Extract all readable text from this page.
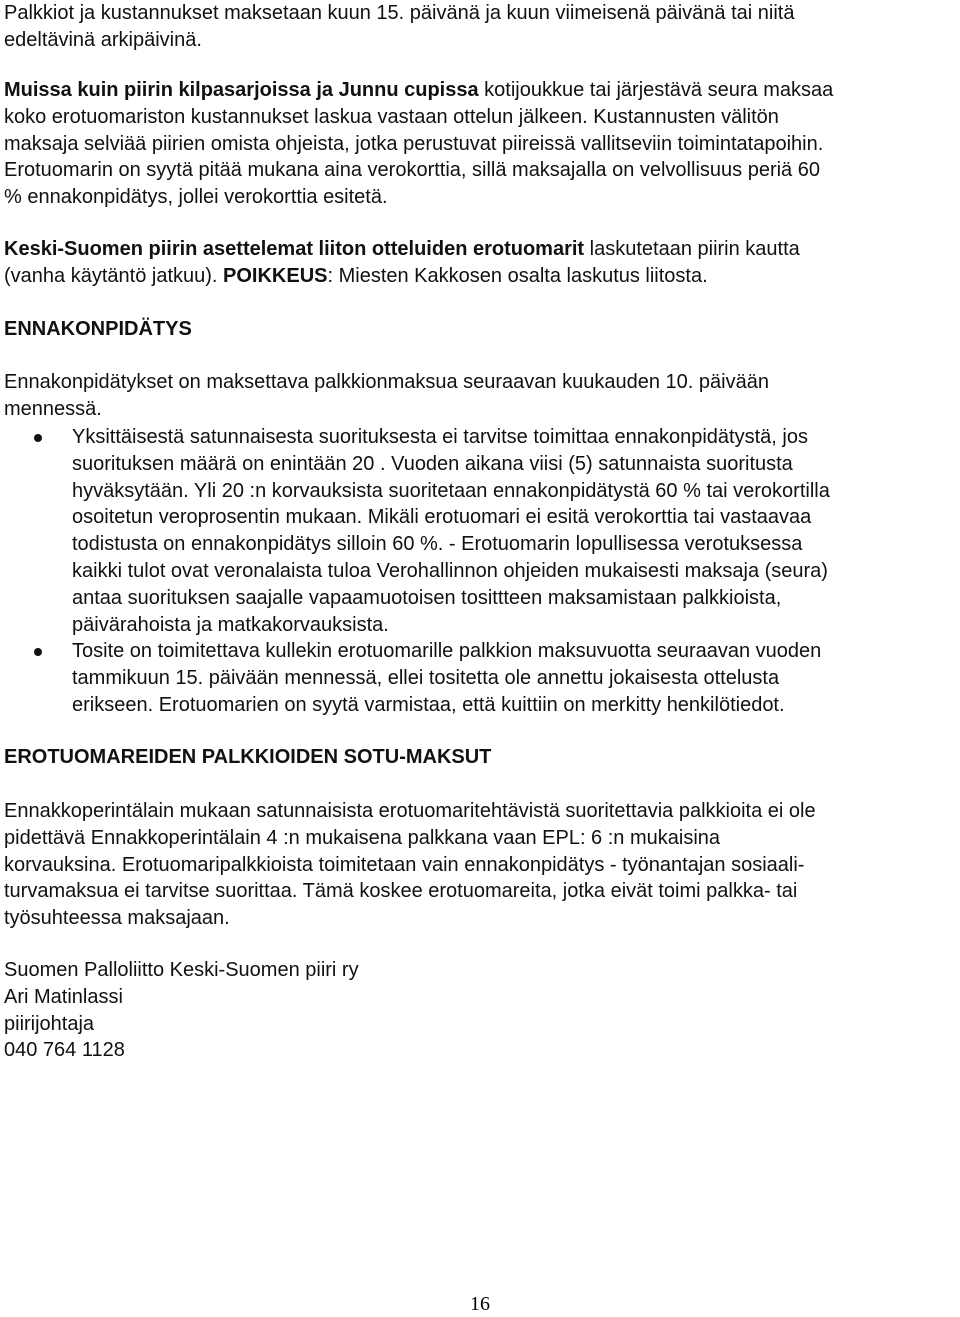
Palkkiot ja kustannukset maksetaan kuun 15. päivänä ja kuun viimeisenä päivänä tai niitä
edeltävinä arkipäivinä.
Muissa kuin piirin kilpasarjoissa ja Junnu cupissa kotijoukkue tai järjestävä seura maksaa
koko erotuomariston kustannukset laskua vastaan ottelun jälkeen. Kustannusten välitön
maksaja selviää piirien omista ohjeista, jotka perustuvat piireissä vallitseviin toimintatapoihin.
Erotuomarin on syytä pitää mukana aina verokorttia, sillä maksajalla on velvollisuus periä 60
% ennakonpidätys, jollei verokorttia esitetä.
Keski-Suomen piirin asettelemat liiton otteluiden erotuomarit laskutetaan piirin kautta
(vanha käytäntö jatkuu). POIKKEUS: Miesten Kakkosen osalta laskutus liitosta.
ENNAKONPIDÄTYS
Ennakonpidätykset on maksettava palkkionmaksua seuraavan kuukauden 10. päivään
mennessä.
Yksittäisestä satunnaisesta suorituksesta ei tarvitse toimittaa ennakonpidätystä, jos
suorituksen määrä on enintään 20 . Vuoden aikana viisi (5) satunnaista suoritusta
hyväksytään. Yli 20 :n korvauksista suoritetaan ennakonpidätystä 60 % tai verokortilla
osoitetun veroprosentin mukaan. Mikäli erotuomari ei esitä verokorttia tai vastaavaa
todistusta on ennakonpidätys silloin 60 %. - Erotuomarin lopullisessa verotuksessa
kaikki tulot ovat veronalaista tuloa Verohallinnon ohjeiden mukaisesti maksaja (seura)
antaa suorituksen saajalle vapaamuotoisen tosittteen maksamistaan palkkioista,
päivärahoista ja matkakorvauksista.
Tosite on toimitettava kullekin erotuomarille palkkion maksuvuotta seuraavan vuoden
tammikuun 15. päivään mennessä, ellei tositetta ole annettu jokaisesta ottelusta
erikseen. Erotuomarien on syytä varmistaa, että kuittiin on merkitty henkilötiedot.
EROTUOMAREIDEN PALKKIOIDEN SOTU-MAKSUT
Ennakkoperintälain mukaan satunnaisista erotuomaritehtävistä suoritettavia palkkioita ei ole
pidettävä Ennakkoperintälain 4 :n mukaisena palkkana vaan EPL: 6 :n mukaisina
korvauksina. Erotuomaripalkkioista toimitetaan vain ennakonpidätys - työnantajan sosiaali-
turvamaksua ei tarvitse suorittaa. Tämä koskee erotuomareita, jotka eivät toimi palkka- tai
työsuhteessa maksajaan.
Suomen Palloliitto Keski-Suomen piiri ry
Ari Matinlassi
piirijohtaja
040 764 1128
16
